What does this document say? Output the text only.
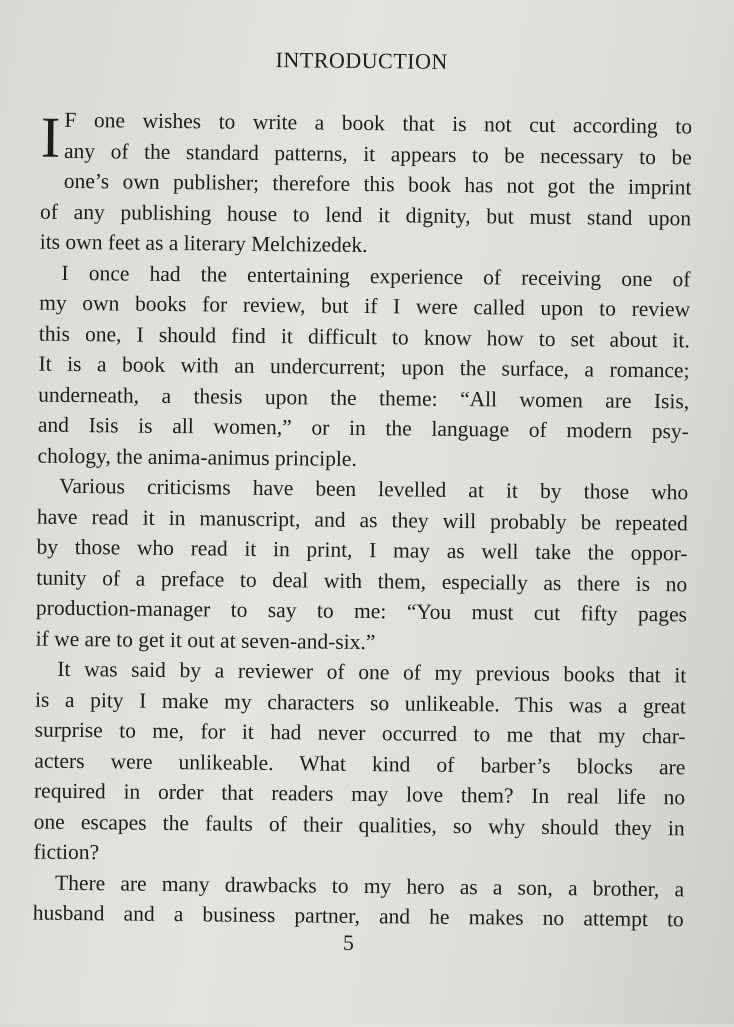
INTRODUCTION
I F one wishes to write a book that is not cut according to
any of the standard patterns, it appears to be necessary to be
one’s own publisher; therefore this book has not got the imprint
of any publishing house to lend it dignity, but must stand upon
its own feet as a literary Melchizedek.
I once had the entertaining experience of receiving one of
my own books for review, but if I were called upon to review
this one, I should find it difficult to know how to set about it.
It is a book with an undercurrent; upon the surface, a romance;
underneath, a thesis upon the theme: “All women are Isis,
and Isis is all women,” or in the language of modern psy-
chology, the anima-animus principle.
Various criticisms have been levelled at it by those who
have read it in manuscript, and as they will probably be repeated
by those who read it in print, I may as well take the oppor-
tunity of a preface to deal with them, especially as there is no
production-manager to say to me: “You must cut fifty pages
if we are to get it out at seven-and-six.”
It was said by a reviewer of one of my previous books that it
is a pity I make my characters so unlikeable. This was a great
surprise to me, for it had never occurred to me that my char-
acters were unlikeable. What kind of barber’s blocks are
required in order that readers may love them? In real life no
one escapes the faults of their qualities, so why should they in
fiction?
There are many drawbacks to my hero as a son, a brother, a
husband and a business partner, and he makes no attempt to
5
